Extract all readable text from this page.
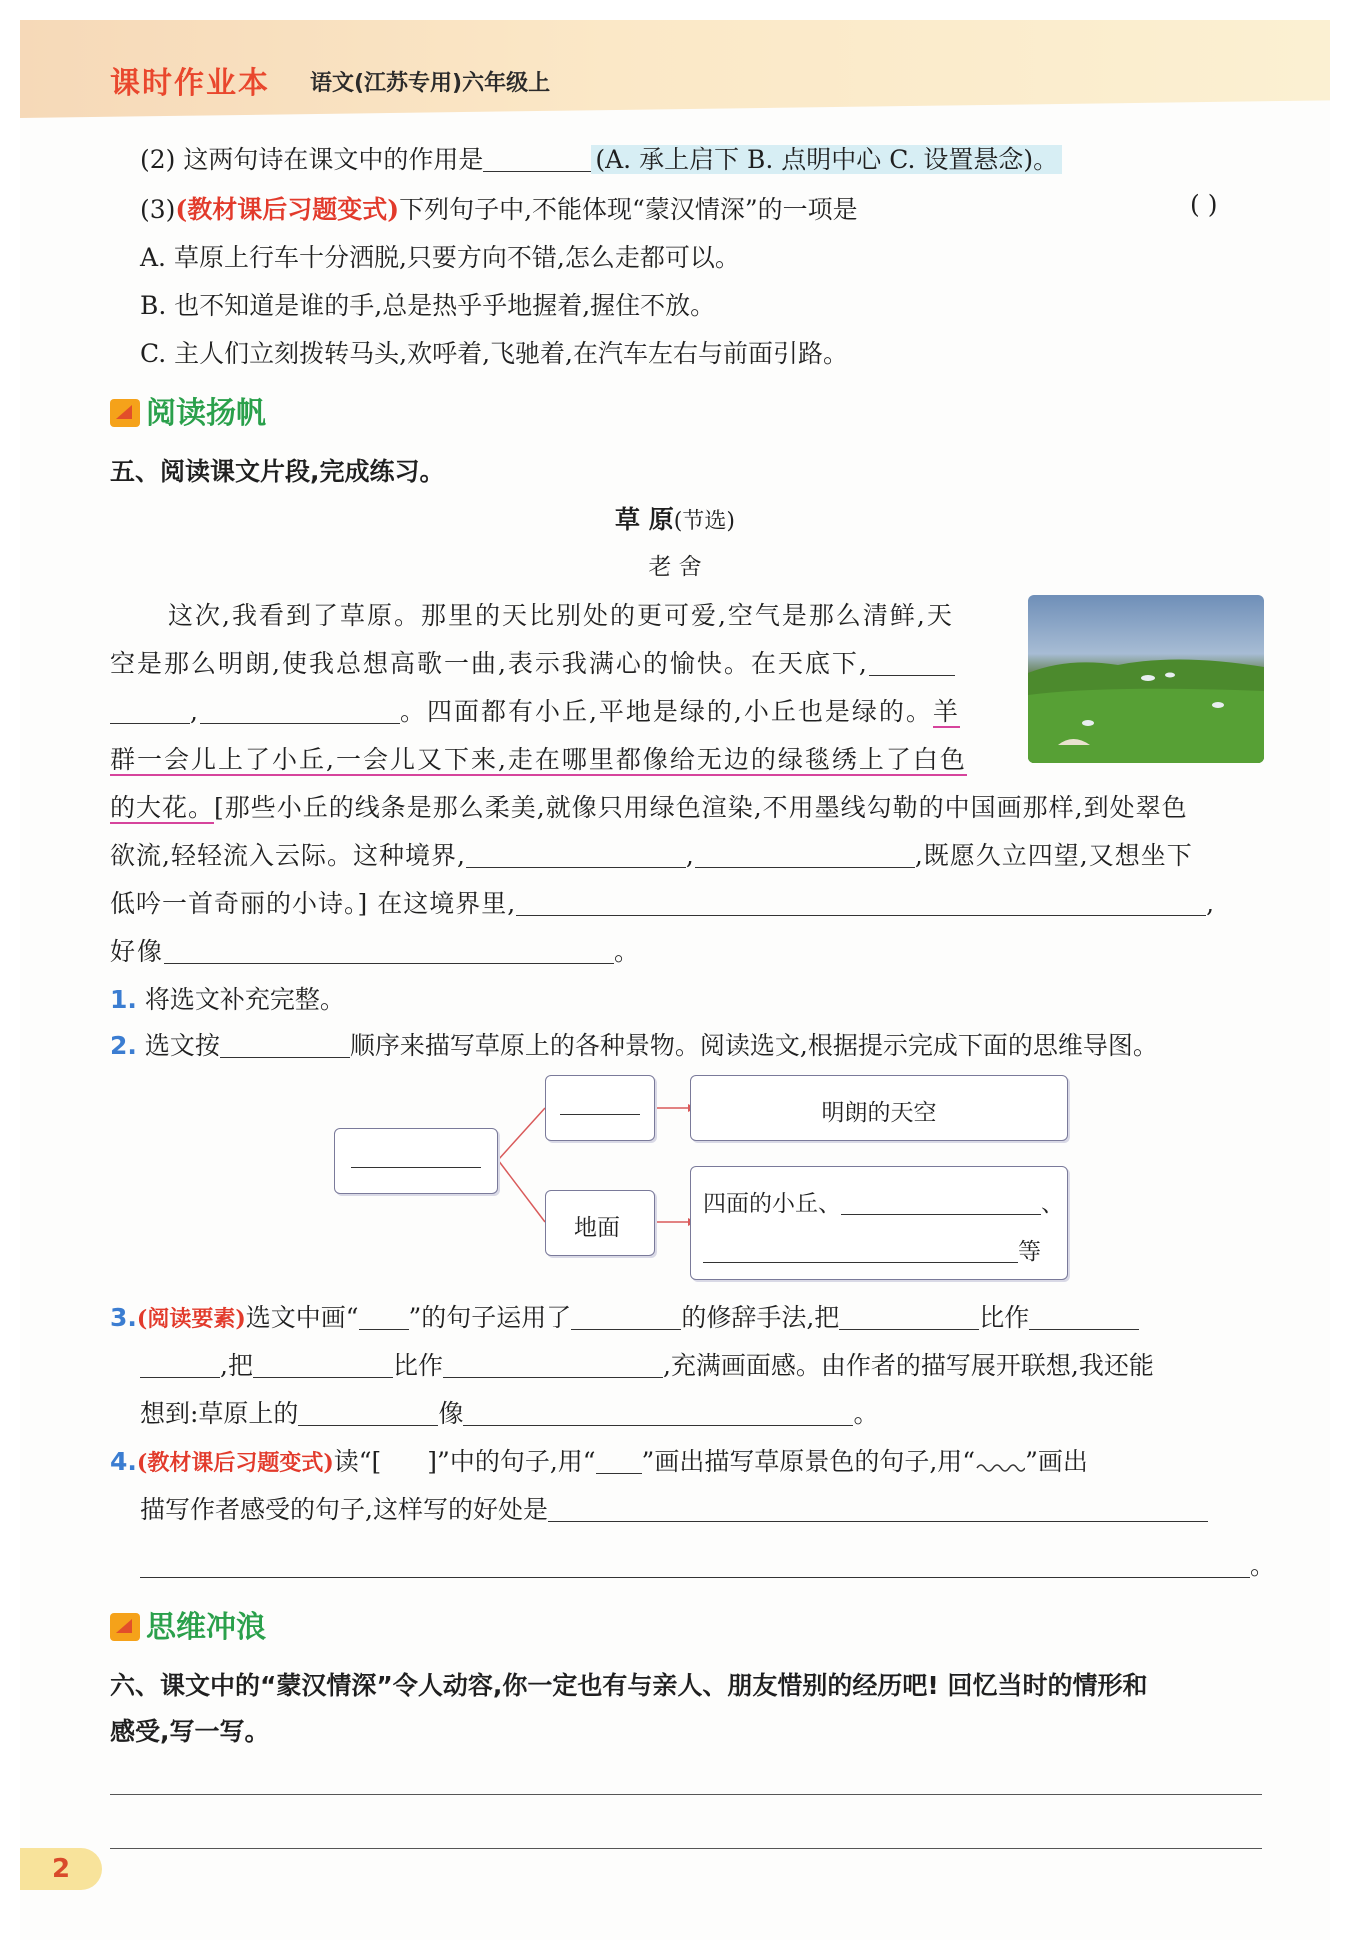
课时作业本 语文(江苏专用)六年级上
(2) 这两句诗在课文中的作用是	(A. 承上启下 B. 点明中心 C. 设置悬念)。
(3)(教材课后习题变式)下列句子中,不能体现“蒙汉情深”的一项是	( )
A. 草原上行车十分洒脱,只要方向不错,怎么走都可以。
B. 也不知道是谁的手,总是热乎乎地握着,握住不放。
C. 主人们立刻拨转马头,欢呼着,飞驰着,在汽车左右与前面引路。
阅读扬帆
五、阅读课文片段,完成练习。
草 原(节选)
老 舍
这次,我看到了草原。那里的天比别处的更可爱,空气是那么清鲜,天
空是那么明朗,使我总想高歌一曲,表示我满心的愉快。在天底下,
,	。四面都有小丘,平地是绿的,小丘也是绿的。羊
群一会儿上了小丘,一会儿又下来,走在哪里都像给无边的绿毯绣上了白色
的大花。[那些小丘的线条是那么柔美,就像只用绿色渲染,不用墨线勾勒的中国画那样,到处翠色
欲流,轻轻流入云际。这种境界,	,	,既愿久立四望,又想坐下
低吟一首奇丽的小诗。] 在这境界里,	,
好像	。
1. 将选文补充完整。
2. 选文按	顺序来描写草原上的各种景物。阅读选文,根据提示完成下面的思维导图。
地面
明朗的天空
四面的小丘、	、
等
3.(阅读要素)选文中画“ ”的句子运用了	的修辞手法,把	比作
,把	比作	,充满画面感。由作者的描写展开联想,我还能
想到:草原上的	像	。
4.(教材课后习题变式)读“[ ]”中的句子,用“ ”画出描写草原景色的句子,用“ ”画出
描写作者感受的句子,这样写的好处是
。
思维冲浪
六、课文中的“蒙汉情深”令人动容,你一定也有与亲人、朋友惜别的经历吧! 回忆当时的情形和
感受,写一写。
2
